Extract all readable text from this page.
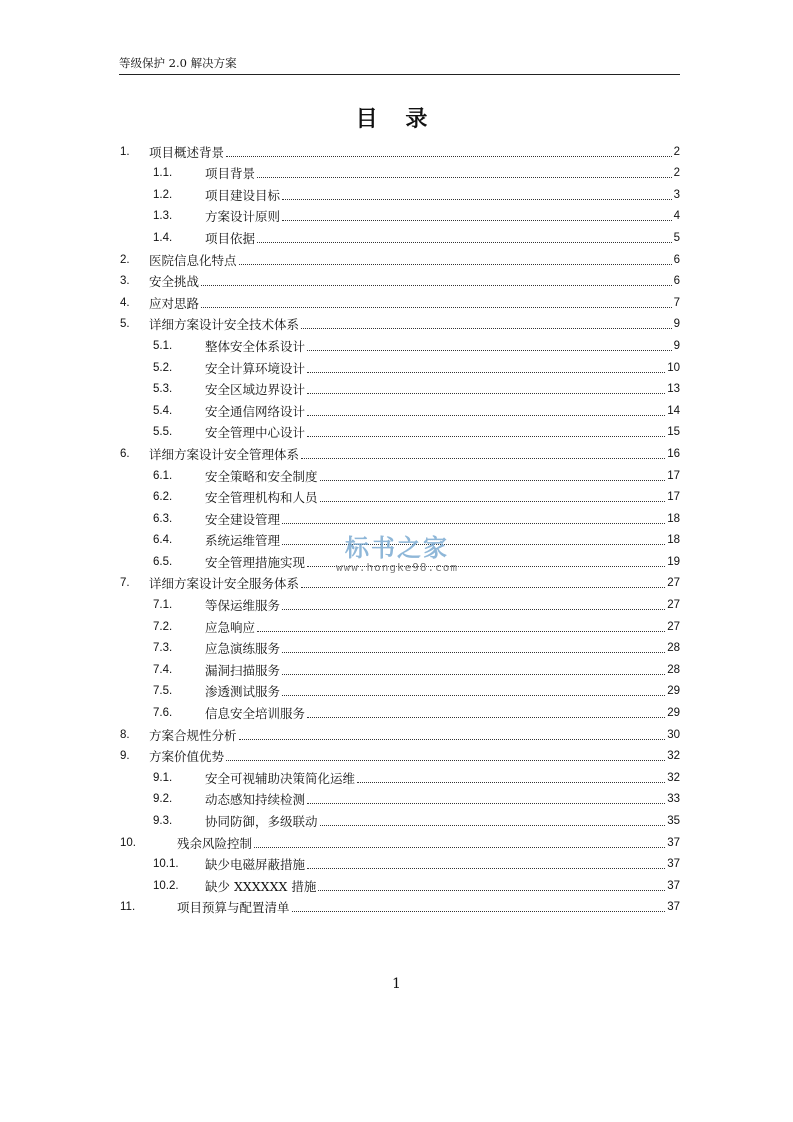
等级保护 2.0 解决方案
目 录
1. 项目概述背景	2
1.1.	项目背景	2
1.2.	项目建设目标	3
1.3.	方案设计原则	4
1.4.	项目依据	5
2. 医院信息化特点	6
3. 安全挑战	6
4. 应对思路	7
5. 详细方案设计安全技术体系	9
5.1.	整体安全体系设计	9
5.2.	安全计算环境设计	10
5.3.	安全区域边界设计	13
5.4.	安全通信网络设计	14
5.5.	安全管理中心设计	15
6. 详细方案设计安全管理体系	16
6.1.	安全策略和安全制度	17
6.2.	安全管理机构和人员	17
6.3.	安全建设管理	18
6.4.	系统运维管理	18
6.5.	安全管理措施实现	19
7. 详细方案设计安全服务体系	27
7.1.	等保运维服务	27
7.2.	应急响应	27
7.3.	应急演练服务	28
7.4.	漏洞扫描服务	28
7.5.	渗透测试服务	29
7.6.	信息安全培训服务	29
8. 方案合规性分析	30
9. 方案价值优势	32
9.1.	安全可视辅助决策简化运维	32
9.2.	动态感知持续检测	33
9.3.	协同防御，多级联动	35
10.	残余风险控制	37
10.1. 缺少电磁屏蔽措施	37
10.2. 缺少 XXXXXX 措施	37
11.	项目预算与配置清单	37
标书之家
www.hongke98.com
1
